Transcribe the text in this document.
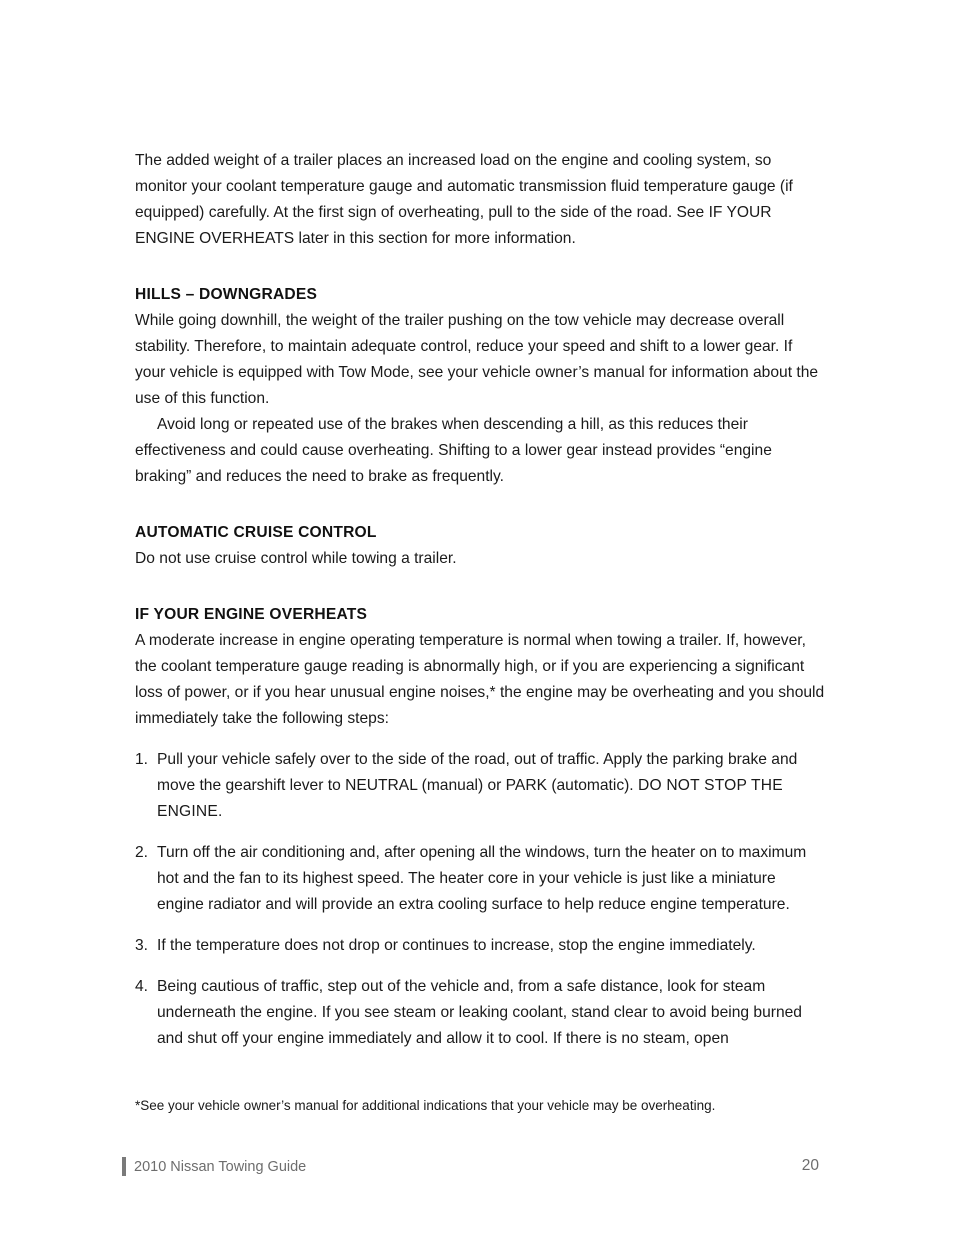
The added weight of a trailer places an increased load on the engine and cooling system, so monitor your coolant temperature gauge and automatic transmission fluid temperature gauge (if equipped) carefully. At the first sign of overheating, pull to the side of the road. See IF YOUR ENGINE OVERHEATS later in this section for more information.

HILLS – DOWNGRADES

While going downhill, the weight of the trailer pushing on the tow vehicle may decrease overall stability. Therefore, to maintain adequate control, reduce your speed and shift to a lower gear. If your vehicle is equipped with Tow Mode, see your vehicle owner’s manual for information about the use of this function.

Avoid long or repeated use of the brakes when descending a hill, as this reduces their effectiveness and could cause overheating. Shifting to a lower gear instead provides “engine braking” and reduces the need to brake as frequently.

AUTOMATIC CRUISE CONTROL

Do not use cruise control while towing a trailer.

IF YOUR ENGINE OVERHEATS

A moderate increase in engine operating temperature is normal when towing a trailer. If, however, the coolant temperature gauge reading is abnormally high, or if you are experiencing a significant loss of power, or if you hear unusual engine noises,* the engine may be overheating and you should immediately take the following steps:

1. Pull your vehicle safely over to the side of the road, out of traffic. Apply the parking brake and move the gearshift lever to NEUTRAL (manual) or PARK (automatic). DO NOT STOP THE ENGINE.
2. Turn off the air conditioning and, after opening all the windows, turn the heater on to maximum hot and the fan to its highest speed. The heater core in your vehicle is just like a miniature engine radiator and will provide an extra cooling surface to help reduce engine temperature.
3. If the temperature does not drop or continues to increase, stop the engine immediately.
4. Being cautious of traffic, step out of the vehicle and, from a safe distance, look for steam underneath the engine. If you see steam or leaking coolant, stand clear to avoid being burned and shut off your engine immediately and allow it to cool. If there is no steam, open

*See your vehicle owner’s manual for additional indications that your vehicle may be overheating.

2010 Nissan Towing Guide	20
